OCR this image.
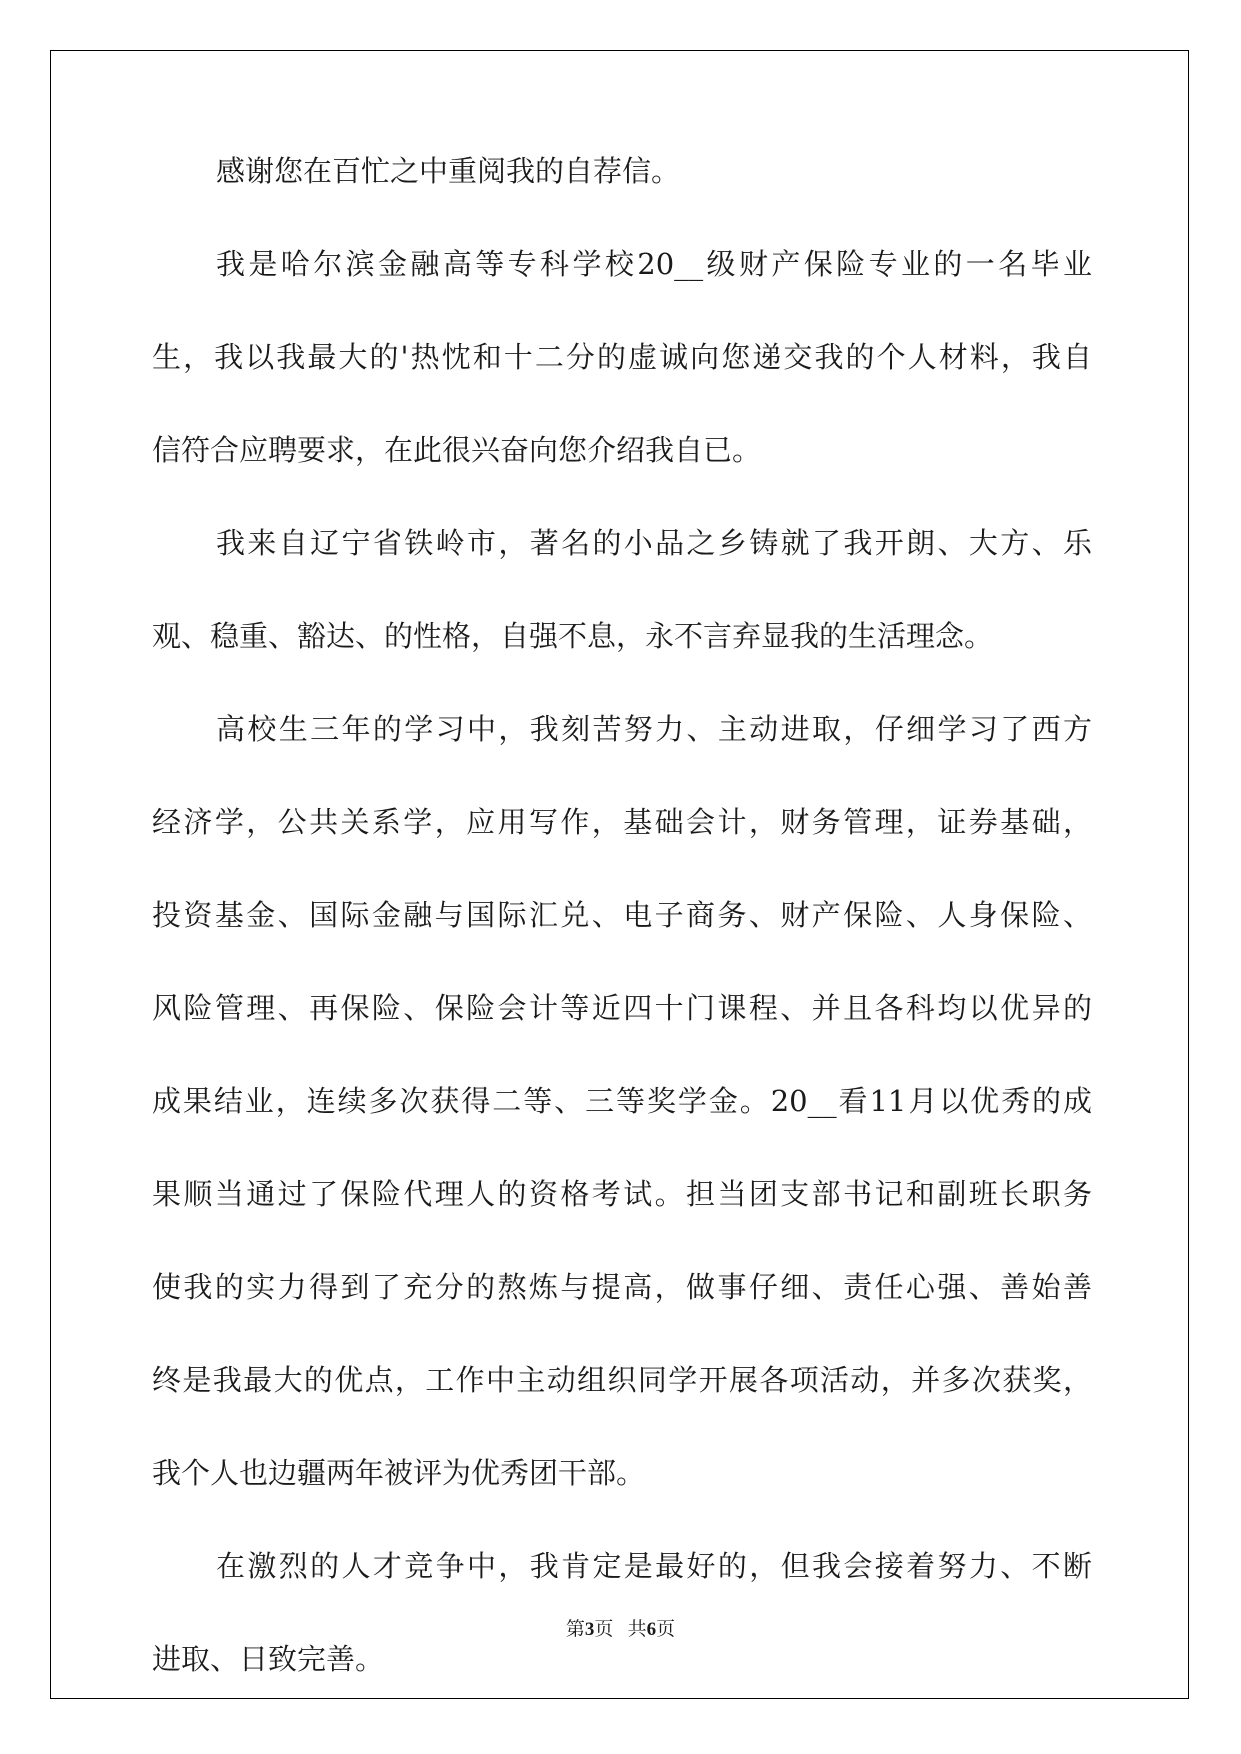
感谢您在百忙之中重阅我的自荐信。
我是哈尔滨金融高等专科学校20__级财产保险专业的一名毕业
生，我以我最大的'热忱和十二分的虚诚向您递交我的个人材料，我自
信符合应聘要求，在此很兴奋向您介绍我自已。
我来自辽宁省铁岭市，著名的小品之乡铸就了我开朗、大方、乐
观、稳重、豁达、的性格，自强不息，永不言弃显我的生活理念。
高校生三年的学习中，我刻苦努力、主动进取，仔细学习了西方
经济学，公共关系学，应用写作，基础会计，财务管理，证券基础，
投资基金、国际金融与国际汇兑、电子商务、财产保险、人身保险、
风险管理、再保险、保险会计等近四十门课程、并且各科均以优异的
成果结业，连续多次获得二等、三等奖学金。20__看11月以优秀的成
果顺当通过了保险代理人的资格考试。担当团支部书记和副班长职务
使我的实力得到了充分的熬炼与提高，做事仔细、责任心强、善始善
终是我最大的优点，工作中主动组织同学开展各项活动，并多次获奖，
我个人也边疆两年被评为优秀团干部。
在激烈的人才竞争中，我肯定是最好的，但我会接着努力、不断
进取、日致完善。
第3页 共6页
